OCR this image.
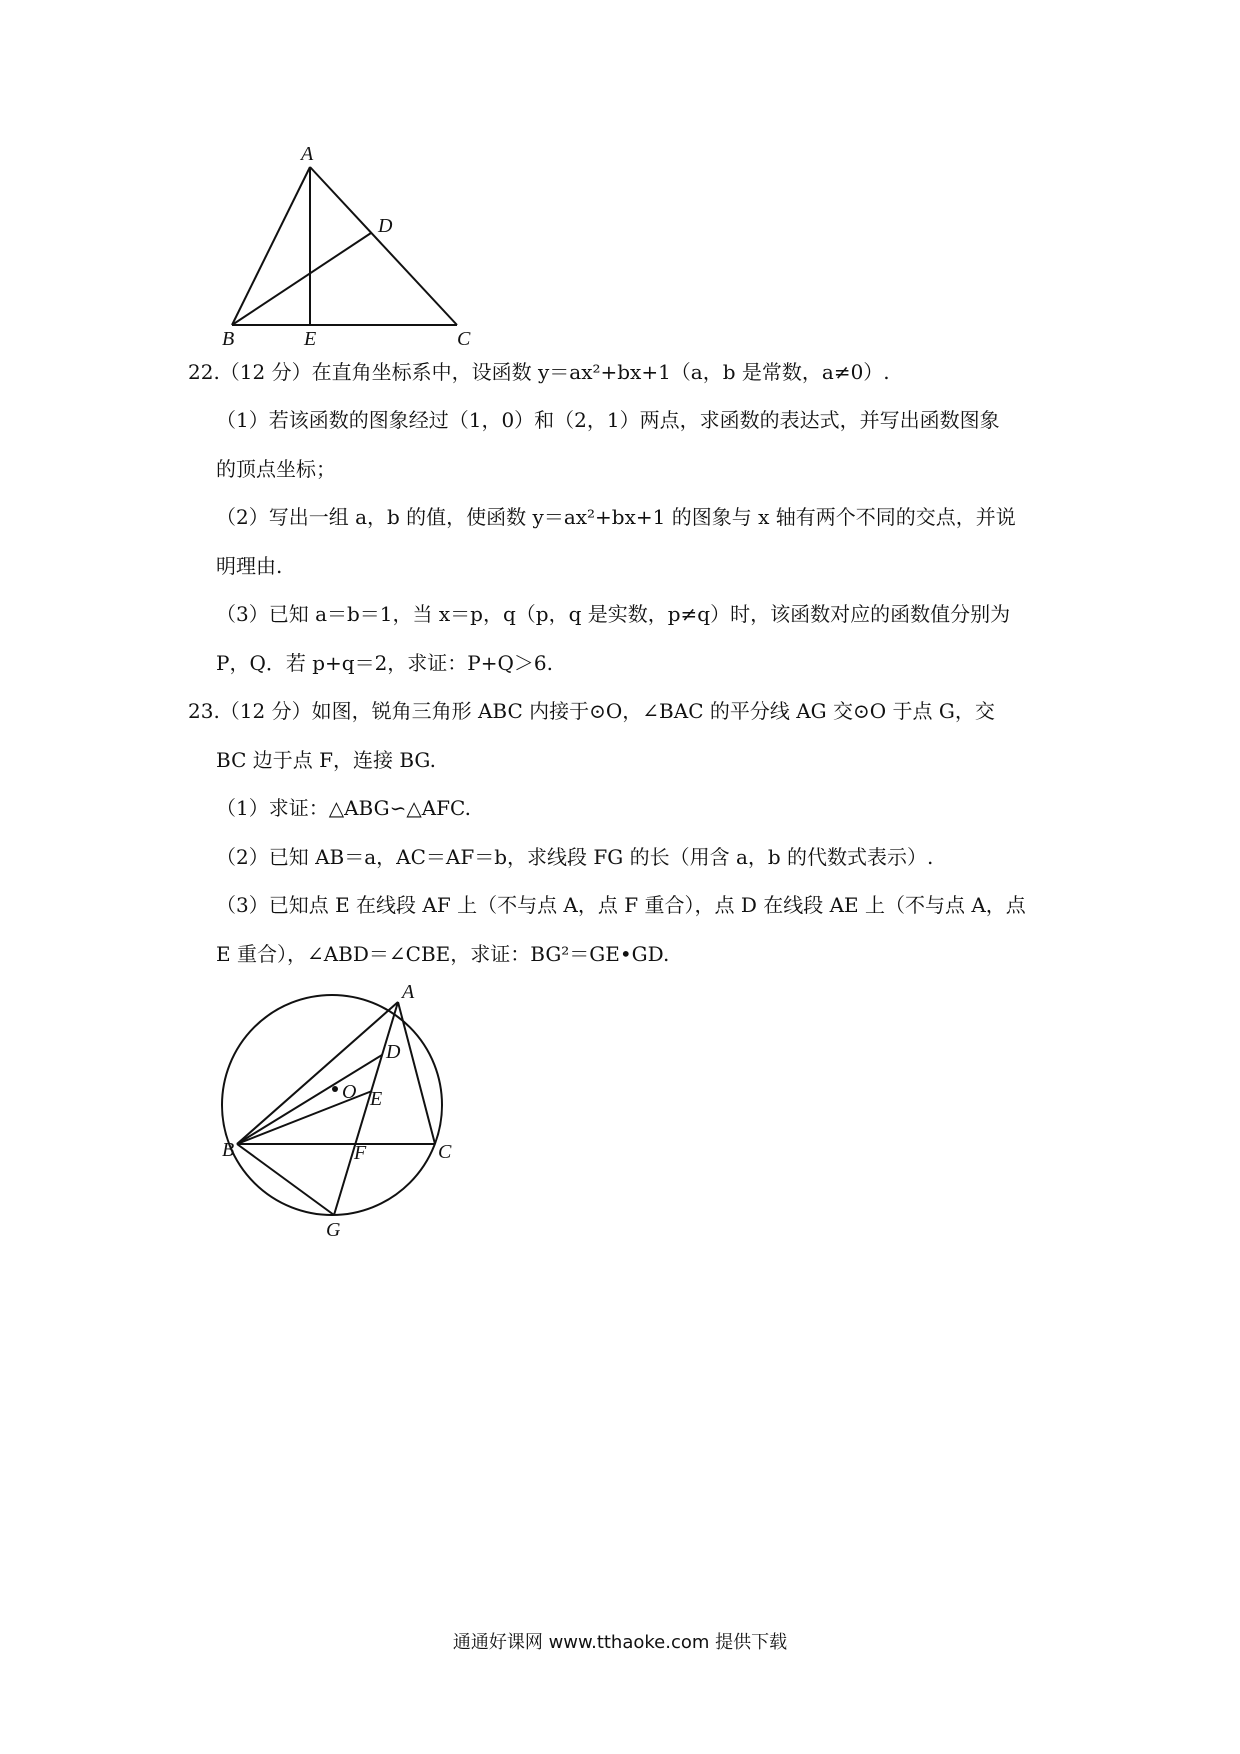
A
D
B	E	C
22.（12 分）在直角坐标系中，设函数 y＝ax²+bx+1（a，b 是常数，a≠0）.
（1）若该函数的图象经过（1，0）和（2，1）两点，求函数的表达式，并写出函数图象
的顶点坐标；
（2）写出一组 a，b 的值，使函数 y＝ax²+bx+1 的图象与 x 轴有两个不同的交点，并说
明理由.
（3）已知 a＝b＝1，当 x＝p，q（p，q 是实数，p≠q）时，该函数对应的函数值分别为
P，Q．若 p+q＝2，求证：P+Q＞6.
23.（12 分）如图，锐角三角形 ABC 内接于⊙O，∠BAC 的平分线 AG 交⊙O 于点 G，交
BC 边于点 F，连接 BG.
（1）求证：△ABG∽△AFC.
（2）已知 AB＝a，AC＝AF＝b，求线段 FG 的长（用含 a，b 的代数式表示）.
（3）已知点 E 在线段 AF 上（不与点 A，点 F 重合），点 D 在线段 AE 上（不与点 A，点
E 重合），∠ABD＝∠CBE，求证：BG²＝GE•GD.
A
D
O E
B	F	C
G
通通好课网 www.tthaoke.com 提供下载
